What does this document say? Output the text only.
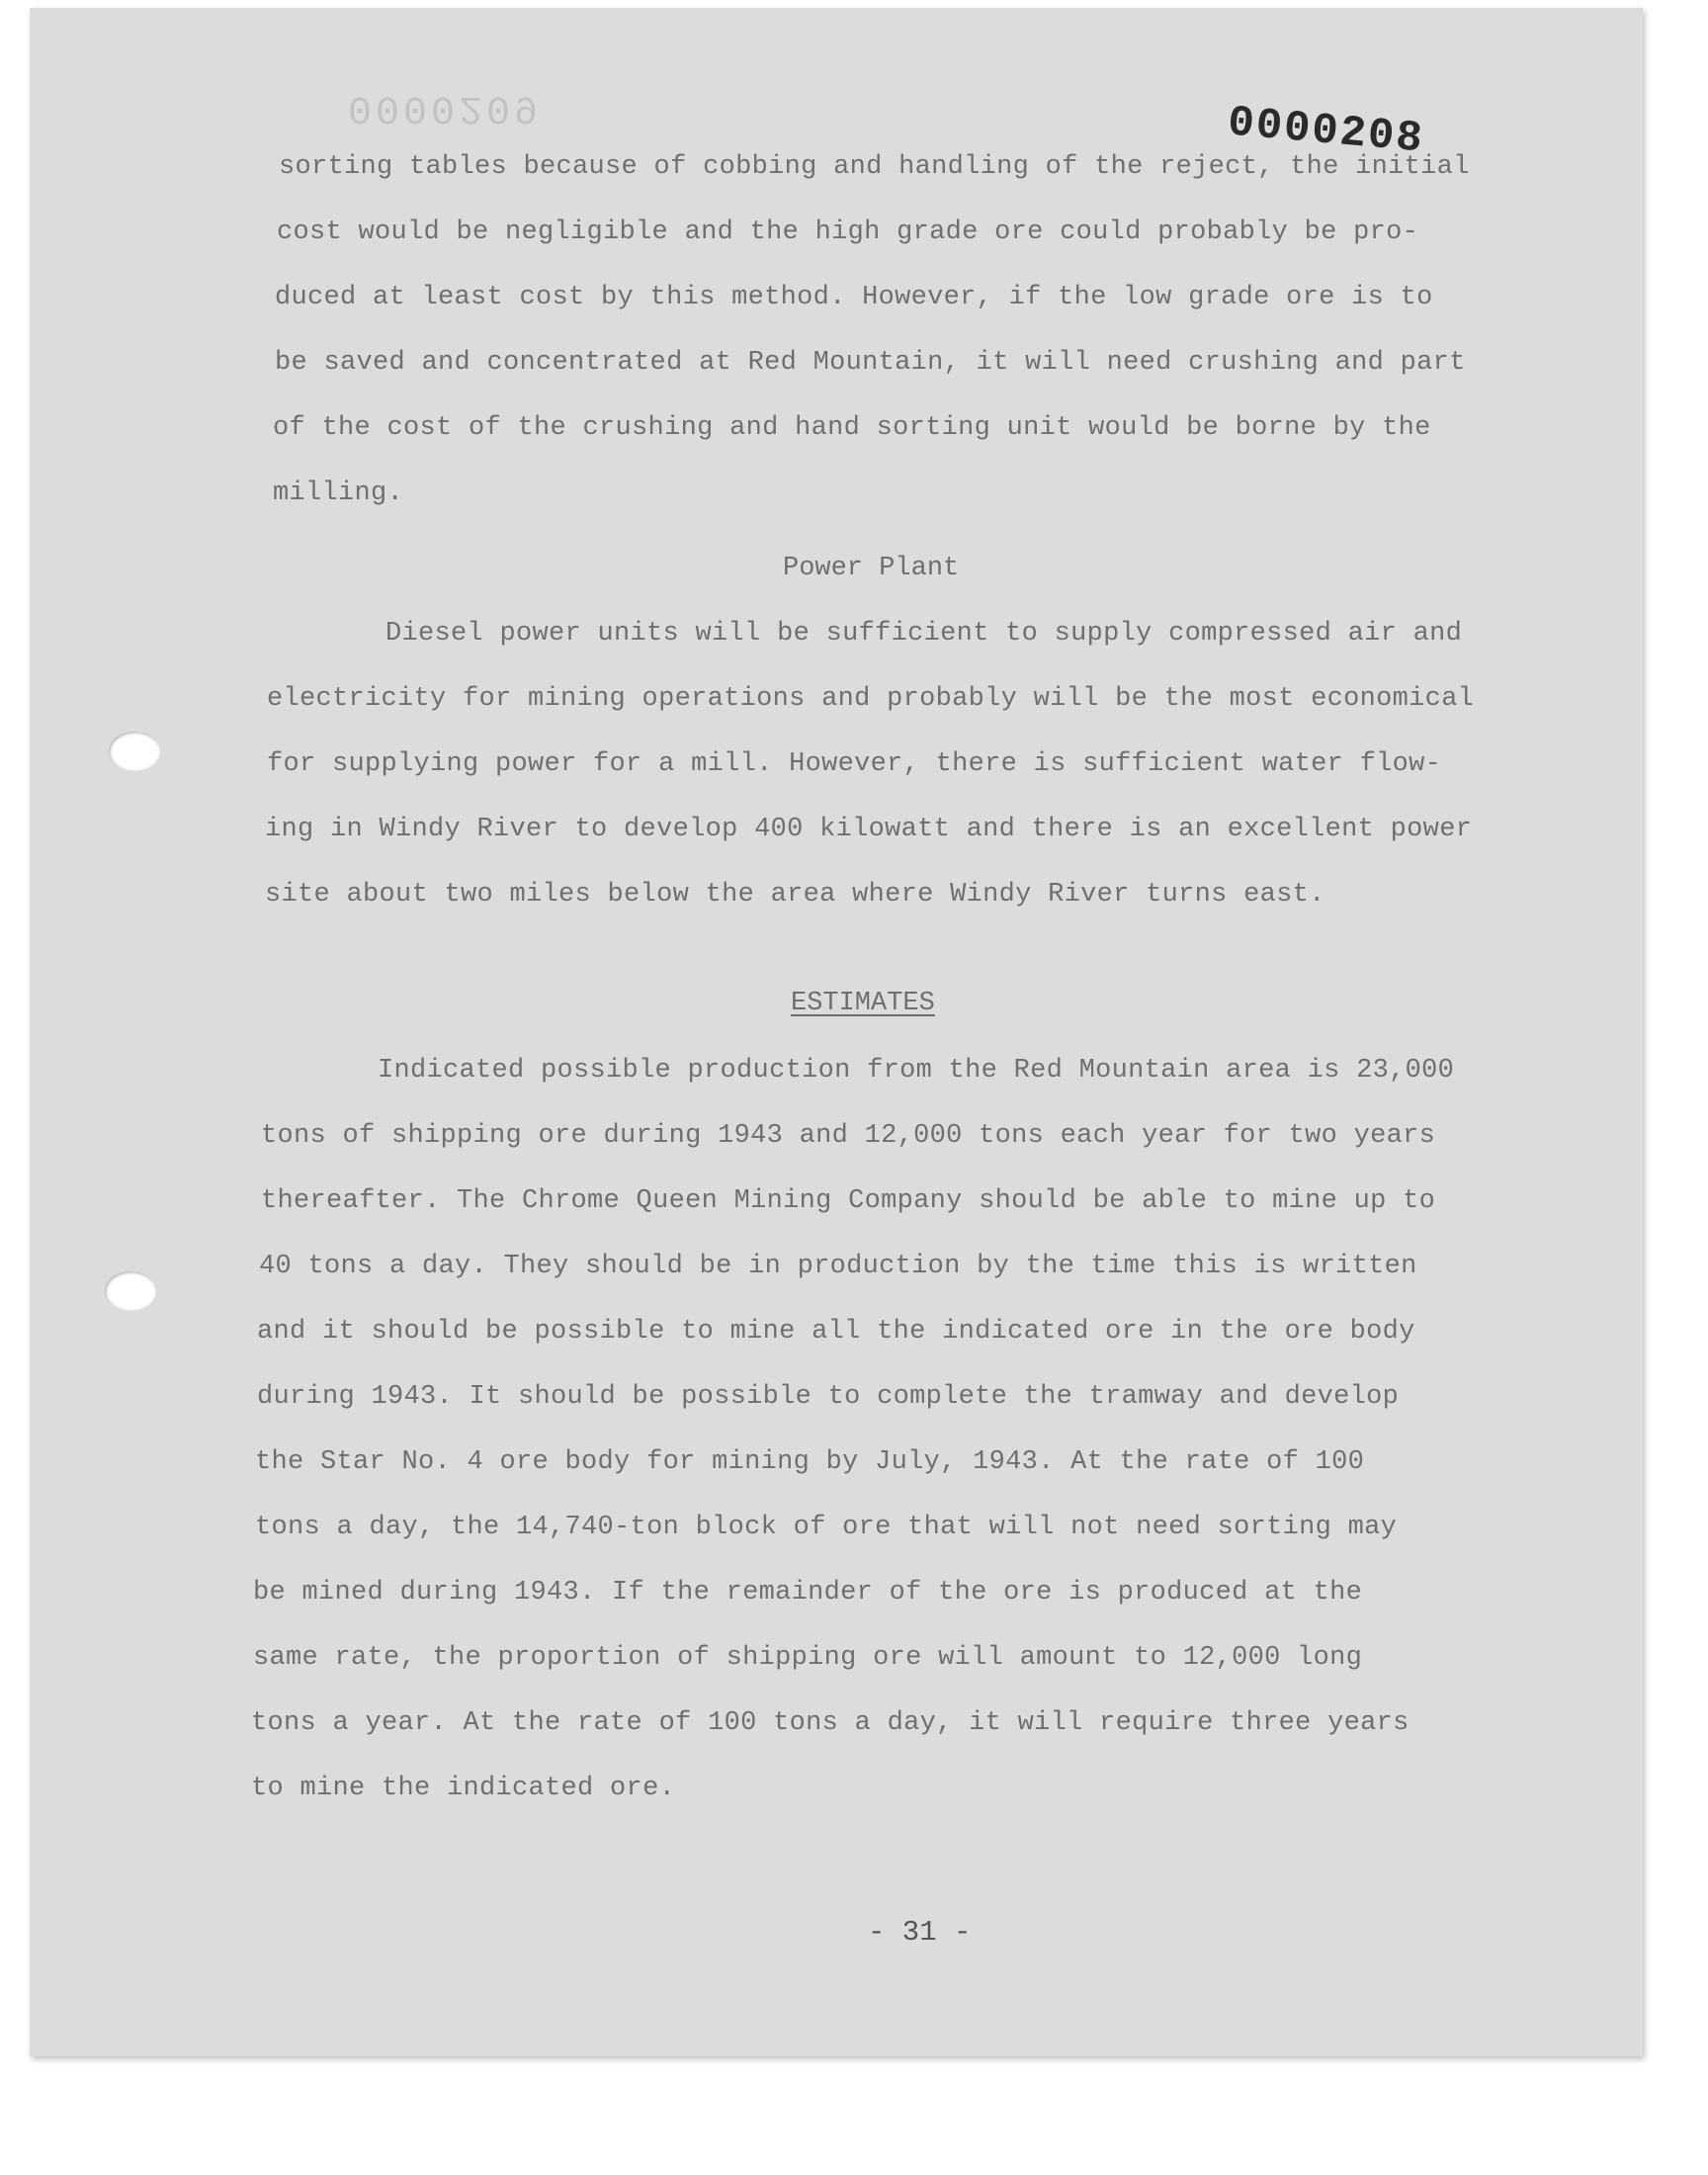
0000209	0000208
sorting tables because of cobbing and handling of the reject, the initial
cost would be negligible and the high grade ore could probably be pro-
duced at least cost by this method. However, if the low grade ore is to
be saved and concentrated at Red Mountain, it will need crushing and part
of the cost of the crushing and hand sorting unit would be borne by the
milling.
Power Plant
Diesel power units will be sufficient to supply compressed air and
electricity for mining operations and probably will be the most economical
for supplying power for a mill. However, there is sufficient water flow-
ing in Windy River to develop 400 kilowatt and there is an excellent power
site about two miles below the area where Windy River turns east.
ESTIMATES
Indicated possible production from the Red Mountain area is 23,000
tons of shipping ore during 1943 and 12,000 tons each year for two years
thereafter. The Chrome Queen Mining Company should be able to mine up to
40 tons a day. They should be in production by the time this is written
and it should be possible to mine all the indicated ore in the ore body
during 1943. It should be possible to complete the tramway and develop
the Star No. 4 ore body for mining by July, 1943. At the rate of 100
tons a day, the 14,740-ton block of ore that will not need sorting may
be mined during 1943. If the remainder of the ore is produced at the
same rate, the proportion of shipping ore will amount to 12,000 long
tons a year. At the rate of 100 tons a day, it will require three years
to mine the indicated ore.
- 31 -
